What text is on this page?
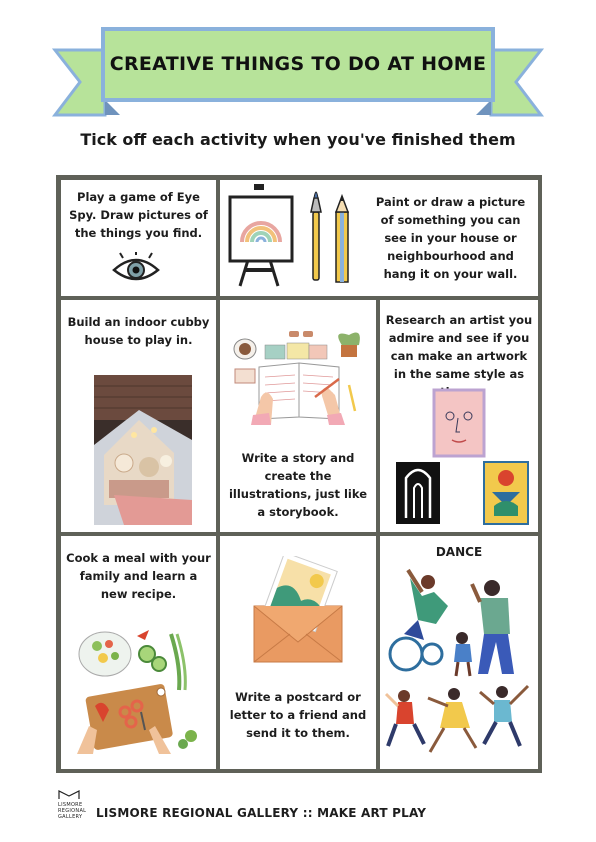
CREATIVE THINGS TO DO AT HOME
Tick off each activity when you've finished them
Play a game of Eye Spy. Draw pictures of the things you find.
Paint or draw a picture of something you can see in your house or neighbourhood and hang it on your wall.
Build an indoor cubby house to play in.
Write a story and create the illustrations, just like a storybook.
Research an artist you admire and see if you can make an artwork in the same style as
Cook a meal with your family and learn a new recipe.
Write a postcard or letter to a friend and send it to them.
DANCE
LISMORE REGIONAL GALLERY	LISMORE REGIONAL GALLERY :: MAKE ART PLAY
